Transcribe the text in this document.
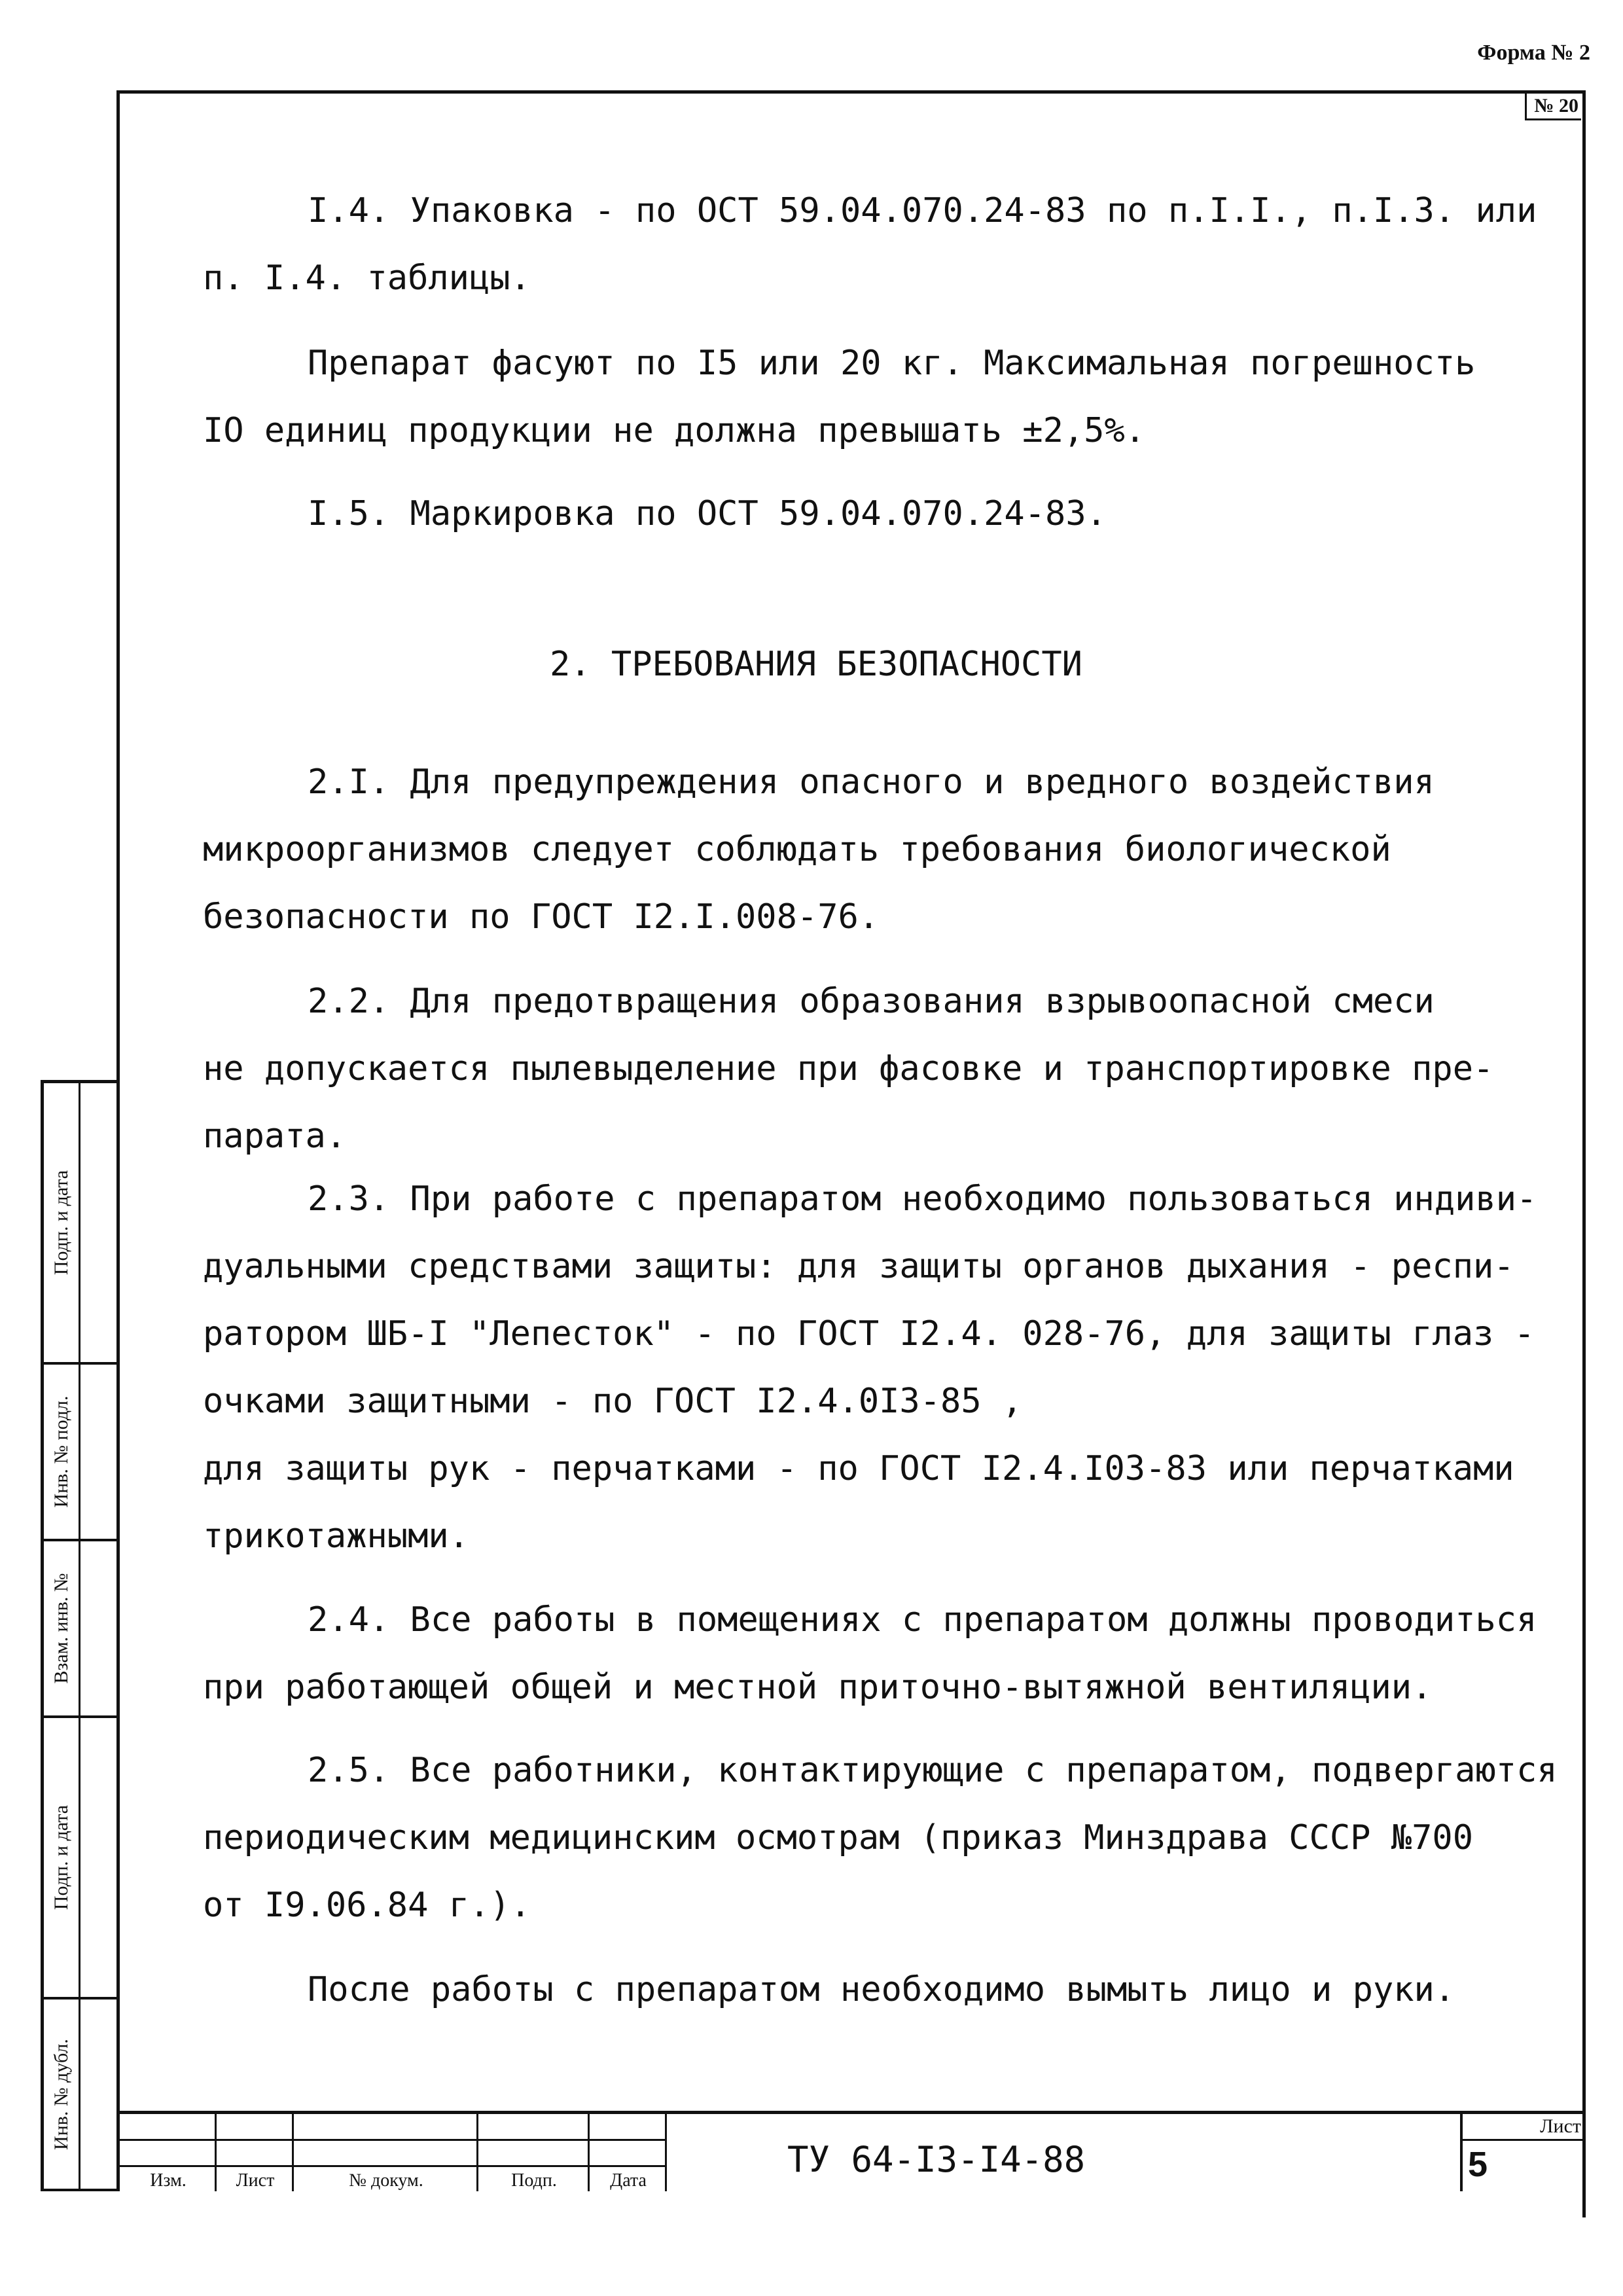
Форма № 2
№ 20
I.4. Упаковка - по ОСТ 59.04.070.24-83 по п.I.I., п.I.3. или
п. I.4. таблицы.
Препарат фасуют по I5 или 20 кг. Максимальная погрешность
IO единиц продукции не должна превышать ±2,5%.
I.5. Маркировка по ОСТ 59.04.070.24-83.
2. ТРЕБОВАНИЯ БЕЗОПАСНОСТИ
2.I. Для предупреждения опасного и вредного воздействия
микроорганизмов следует соблюдать требования биологической
безопасности по ГОСТ I2.I.008-76.
2.2. Для предотвращения образования взрывоопасной смеси
не допускается пылевыделение при фасовке и транспортировке пре-
парата.
2.3. При работе с препаратом необходимо пользоваться индиви-
дуальными средствами защиты: для защиты органов дыхания - респи-
ратором ШБ-I "Лепесток" - по ГОСТ I2.4. 028-76, для защиты глаз -
очками защитными - по ГОСТ I2.4.0I3-85 ,
для защиты рук - перчатками - по ГОСТ I2.4.I03-83 или перчатками
трикотажными.
2.4. Все работы в помещениях с препаратом должны проводиться
при работающей общей и местной приточно-вытяжной вентиляции.
2.5. Все работники, контактирующие с препаратом, подвергаются
периодическим медицинским осмотрам (приказ Минздрава СССР №700
от I9.06.84 г.).
После работы с препаратом необходимо вымыть лицо и руки.
Подп. и дата
Инв. № подл.
Взам. инв. №
Подп. и дата
Инв. № дубл.
Изм.	Лист	№ докум.	Подп.	Дата
ТУ 64-I3-I4-88
Лист
5
